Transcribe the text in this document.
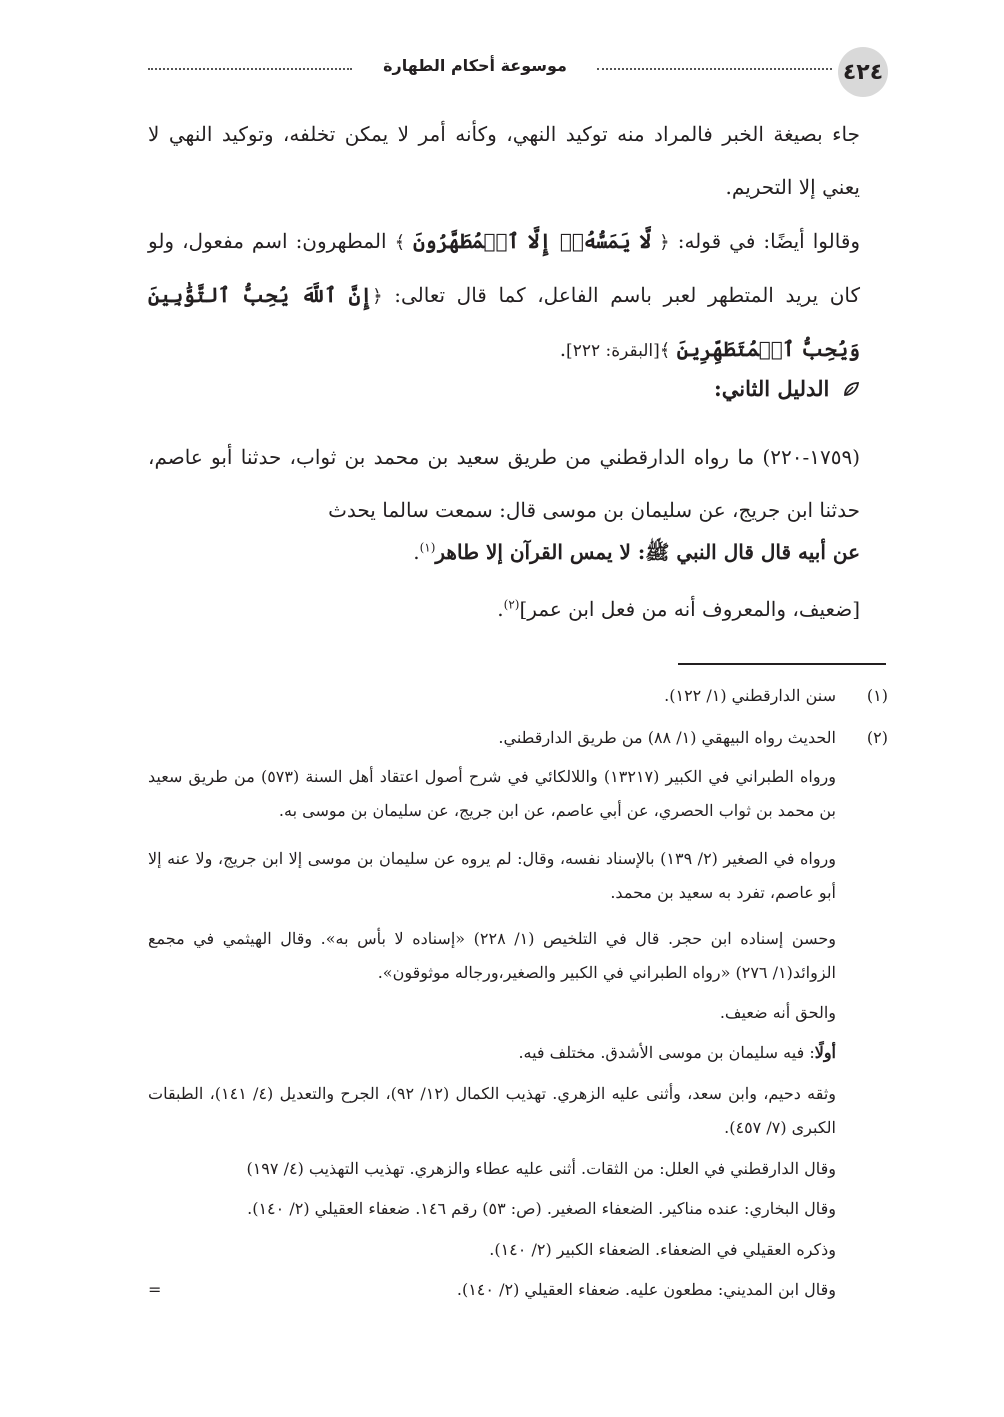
٤٢٤
موسوعة أحكام الطهارة

جاء بصيغة الخبر فالمراد منه توكيد النهي، وكأنه أمر لا يمكن تخلفه، وتوكيد النهي لا يعني إلا التحريم.

وقالوا أيضًا: في قوله: ﴿ لَّا يَمَسُّهُۥٓ إِلَّا ٱلۡمُطَهَّرُونَ ﴾ المطهرون: اسم مفعول، ولو كان يريد المتطهر لعبر باسم الفاعل، كما قال تعالى: ﴿إِنَّ ٱللَّهَ يُحِبُّ ٱلتَّوَّٰبِينَ وَيُحِبُّ ٱلۡمُتَطَهِّرِينَ ﴾[البقرة: ٢٢٢].

الدليل الثاني:

(١٧٥٩-٢٢٠) ما رواه الدارقطني من طريق سعيد بن محمد بن ثواب، حدثنا أبو عاصم، حدثنا ابن جريج، عن سليمان بن موسى قال: سمعت سالما يحدث

عن أبيه قال قال النبي ﷺ: لا يمس القرآن إلا طاهر$^{(١)}$.
[ضعيف، والمعروف أنه من فعل ابن عمر]$^{(٢)}$.
(١)
سنن الدارقطني (١/ ١٢٢).
(٢)
الحديث رواه البيهقي (١/ ٨٨) من طريق الدارقطني.

ورواه الطبراني في الكبير (١٣٢١٧) واللالكائي في شرح أصول اعتقاد أهل السنة (٥٧٣) من طريق سعيد بن محمد بن ثواب الحصري، عن أبي عاصم، عن ابن جريج، عن سليمان بن موسى به.

ورواه في الصغير (٢/ ١٣٩) بالإسناد نفسه، وقال: لم يروه عن سليمان بن موسى إلا ابن جريج، ولا عنه إلا أبو عاصم، تفرد به سعيد بن محمد.

وحسن إسناده ابن حجر. قال في التلخيص (١/ ٢٢٨) «إسناده لا بأس به». وقال الهيثمي في مجمع الزوائد(١/ ٢٧٦) «رواه الطبراني في الكبير والصغير،ورجاله موثوقون».

والحق أنه ضعيف.
أولًا: فيه سليمان بن موسى الأشدق. مختلف فيه.

وثقه دحيم، وابن سعد، وأثنى عليه الزهري. تهذيب الكمال (١٢/ ٩٢)، الجرح والتعديل (٤/ ١٤١)، الطبقات الكبرى (٧/ ٤٥٧).

وقال الدارقطني في العلل: من الثقات. أثنى عليه عطاء والزهري. تهذيب التهذيب (٤/ ١٩٧)
وقال البخاري: عنده مناكير. الضعفاء الصغير. (ص: ٥٣) رقم ١٤٦. ضعفاء العقيلي (٢/ ١٤٠).
وذكره العقيلي في الضعفاء. الضعفاء الكبير (٢/ ١٤٠).
وقال ابن المديني: مطعون عليه. ضعفاء العقيلي (٢/ ١٤٠).
=
